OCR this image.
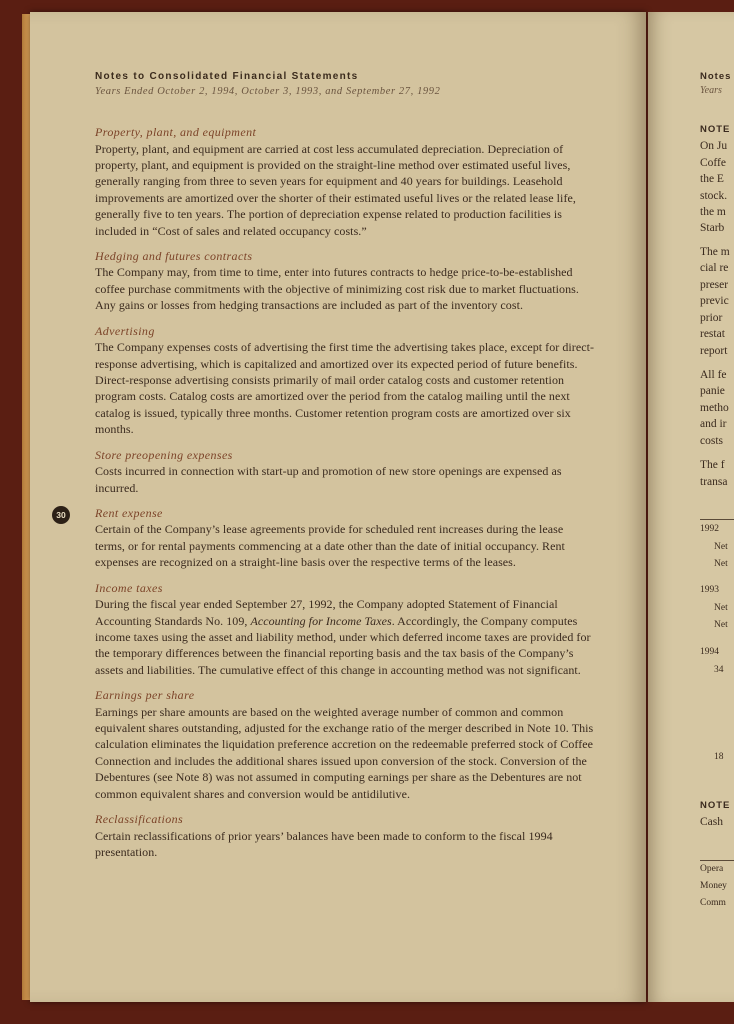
Notes to Consolidated Financial Statements
Years Ended October 2, 1994, October 3, 1993, and September 27, 1992
30
Property, plant, and equipment
Property, plant, and equipment are carried at cost less accumulated depreciation. Depreciation of property, plant, and equipment is provided on the straight-line method over estimated useful lives, generally ranging from three to seven years for equipment and 40 years for buildings. Leasehold improvements are amortized over the shorter of their estimated useful lives or the related lease life, generally five to ten years. The portion of depreciation expense related to production facilities is included in “Cost of sales and related occupancy costs.”
Hedging and futures contracts
The Company may, from time to time, enter into futures contracts to hedge price-to-be-established coffee purchase commitments with the objective of minimizing cost risk due to market fluctuations. Any gains or losses from hedging transactions are included as part of the inventory cost.
Advertising
The Company expenses costs of advertising the first time the advertising takes place, except for direct-response advertising, which is capitalized and amortized over its expected period of future benefits. Direct-response advertising consists primarily of mail order catalog costs and customer retention program costs. Catalog costs are amortized over the period from the catalog mailing until the next catalog is issued, typically three months. Customer retention program costs are amortized over six months.
Store preopening expenses
Costs incurred in connection with start-up and promotion of new store openings are expensed as incurred.
Rent expense
Certain of the Company’s lease agreements provide for scheduled rent increases during the lease terms, or for rental payments commencing at a date other than the date of initial occupancy. Rent expenses are recognized on a straight-line basis over the respective terms of the leases.
Income taxes
During the fiscal year ended September 27, 1992, the Company adopted Statement of Financial Accounting Standards No. 109, Accounting for Income Taxes. Accordingly, the Company computes income taxes using the asset and liability method, under which deferred income taxes are provided for the temporary differences between the financial reporting basis and the tax basis of the Company’s assets and liabilities. The cumulative effect of this change in accounting method was not significant.
Earnings per share
Earnings per share amounts are based on the weighted average number of common and common equivalent shares outstanding, adjusted for the exchange ratio of the merger described in Note 10. This calculation eliminates the liquidation preference accretion on the redeemable preferred stock of Coffee Connection and includes the additional shares issued upon conversion of the stock. Conversion of the Debentures (see Note 8) was not assumed in computing earnings per share as the Debentures are not common equivalent shares and conversion would be antidilutive.
Reclassifications
Certain reclassifications of prior years’ balances have been made to conform to the fiscal 1994 presentation.
Notes
Years
NOTE
On Ju
Coffe
the E
stock.
the m
Starb
The m
cial re
preser
previc
prior
restat
report
All fe
panie
metho
and ir
costs
The f
transa
1992
Net
Net
1993
Net
Net
1994
34
18
NOTE
Cash
Opera
Money
Comm
